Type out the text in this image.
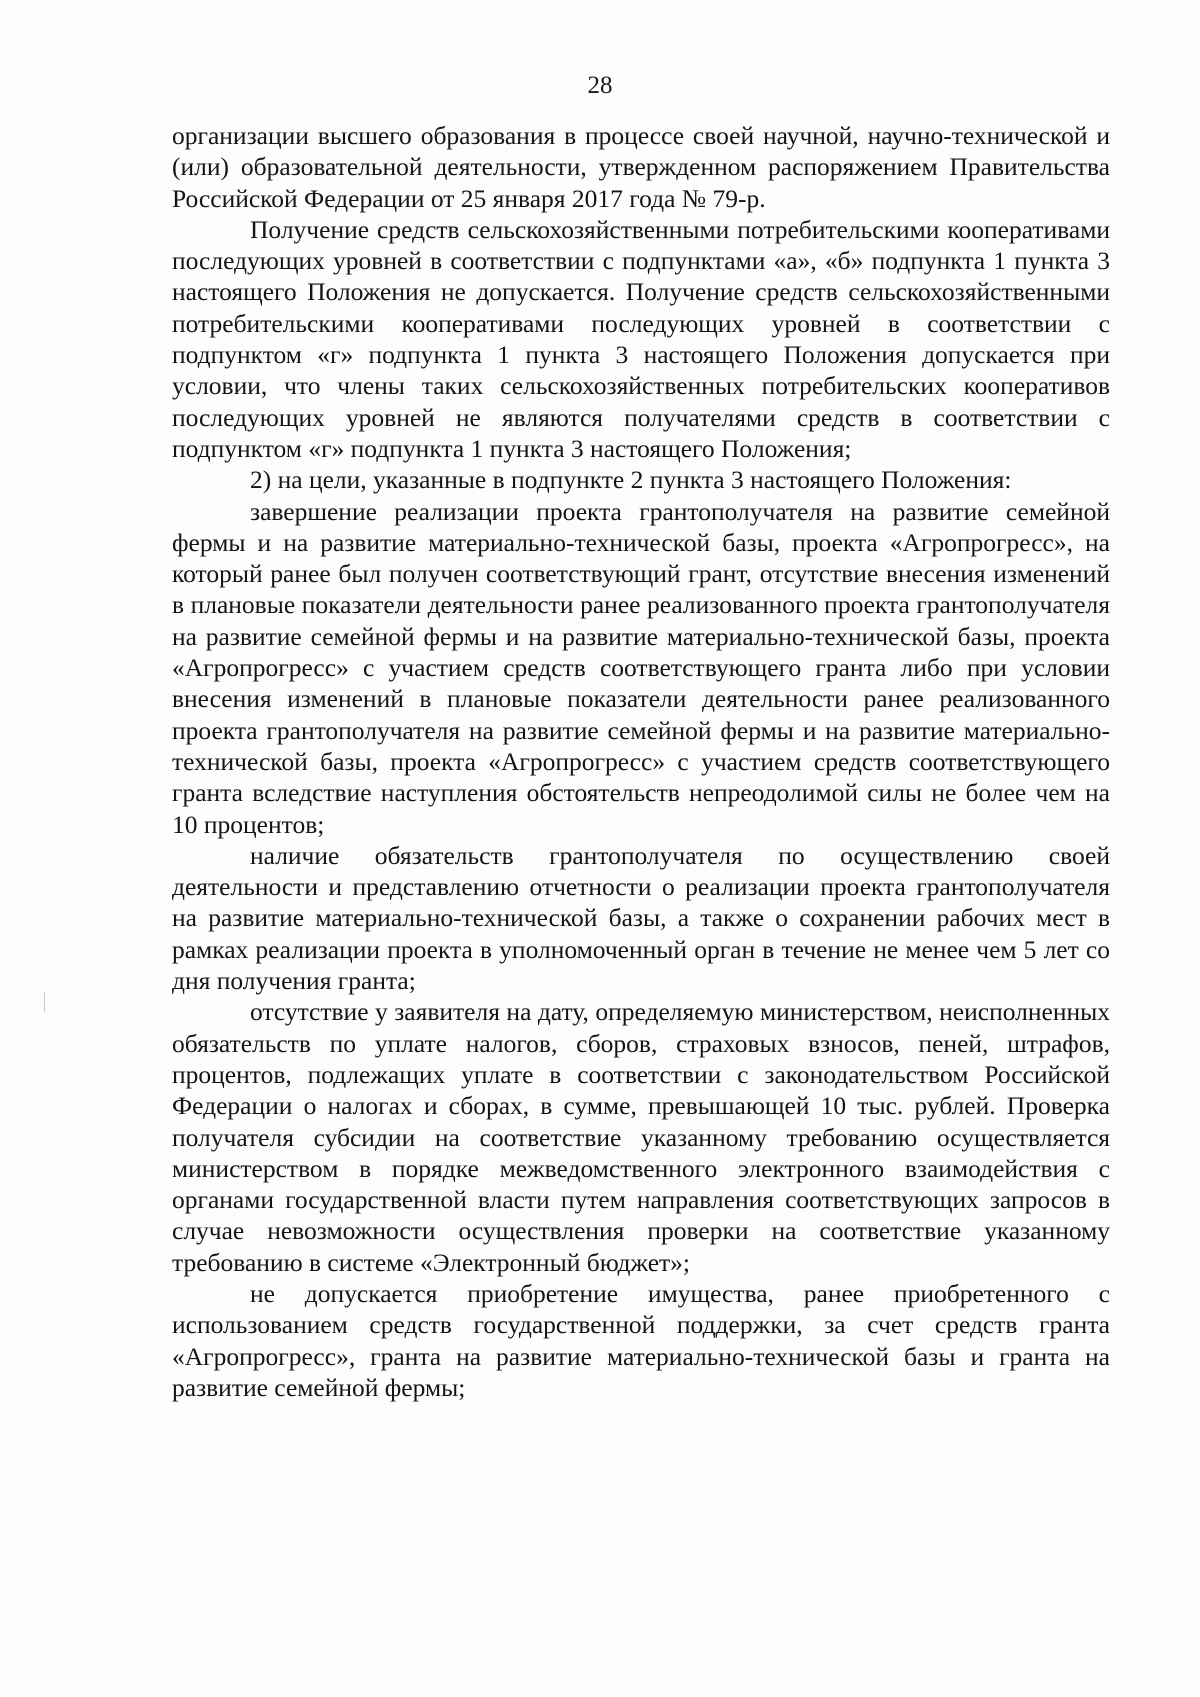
28

организации высшего образования в процессе своей научной, научно-технической и (или) образовательной деятельности, утвержденном распоряжением Правительства Российской Федерации от 25 января 2017 года № 79-р.

Получение средств сельскохозяйственными потребительскими кооперативами последующих уровней в соответствии с подпунктами «а», «б» подпункта 1 пункта 3 настоящего Положения не допускается. Получение средств сельскохозяйственными потребительскими кооперативами последующих уровней в соответствии с подпунктом «г» подпункта 1 пункта 3 настоящего Положения допускается при условии, что члены таких сельскохозяйственных потребительских кооперативов последующих уровней не являются получателями средств в соответствии с подпунктом «г» подпункта 1 пункта 3 настоящего Положения;

2) на цели, указанные в подпункте 2 пункта 3 настоящего Положения:

завершение реализации проекта грантополучателя на развитие семейной фермы и на развитие материально-технической базы, проекта «Агропрогресс», на который ранее был получен соответствующий грант, отсутствие внесения изменений в плановые показатели деятельности ранее реализованного проекта грантополучателя на развитие семейной фермы и на развитие материально-технической базы, проекта «Агропрогресс» с участием средств соответствующего гранта либо при условии внесения изменений в плановые показатели деятельности ранее реализованного проекта грантополучателя на развитие семейной фермы и на развитие материально-технической базы, проекта «Агропрогресс» с участием средств соответствующего гранта вследствие наступления обстоятельств непреодолимой силы не более чем на 10 процентов;

наличие обязательств грантополучателя по осуществлению своей деятельности и представлению отчетности о реализации проекта грантополучателя на развитие материально-технической базы, а также о сохранении рабочих мест в рамках реализации проекта в уполномоченный орган в течение не менее чем 5 лет со дня получения гранта;

отсутствие у заявителя на дату, определяемую министерством, неисполненных обязательств по уплате налогов, сборов, страховых взносов, пеней, штрафов, процентов, подлежащих уплате в соответствии с законодательством Российской Федерации о налогах и сборах, в сумме, превышающей 10 тыс. рублей. Проверка получателя субсидии на соответствие указанному требованию осуществляется министерством в порядке межведомственного электронного взаимодействия с органами государственной власти путем направления соответствующих запросов в случае невозможности осуществления проверки на соответствие указанному требованию в системе «Электронный бюджет»;

не допускается приобретение имущества, ранее приобретенного с использованием средств государственной поддержки, за счет средств гранта «Агропрогресс», гранта на развитие материально-технической базы и гранта на развитие семейной фермы;
